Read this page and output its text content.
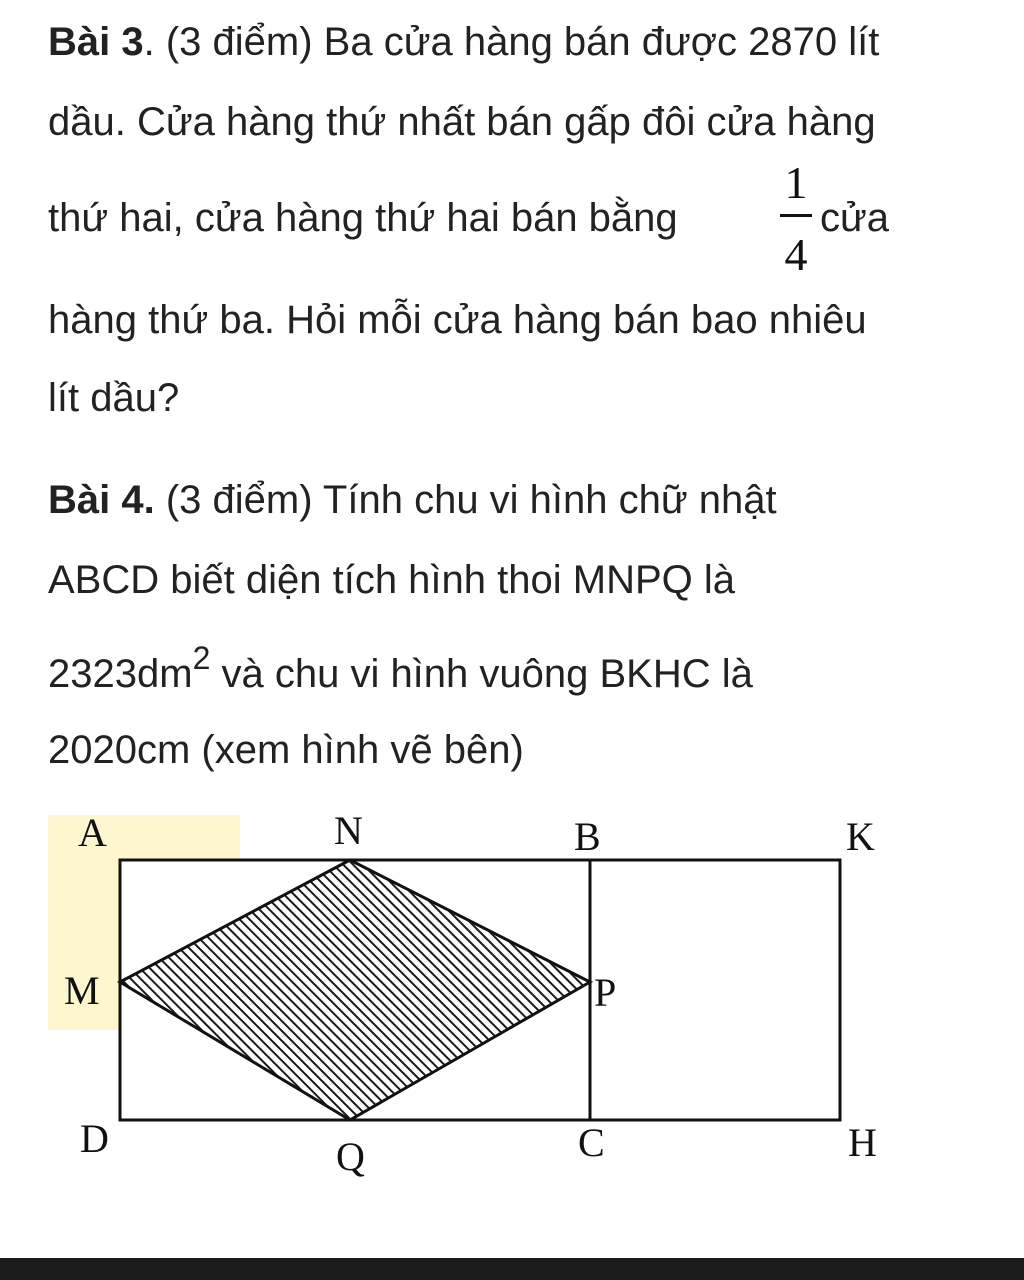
Bài 3. (3 điểm) Ba cửa hàng bán được 2870 lít
dầu. Cửa hàng thứ nhất bán gấp đôi cửa hàng
thứ hai, cửa hàng thứ hai bán bằng
1
4
cửa
hàng thứ ba. Hỏi mỗi cửa hàng bán bao nhiêu
lít dầu?
Bài 4. (3 điểm) Tính chu vi hình chữ nhật
ABCD biết diện tích hình thoi MNPQ là
$2323dm^2$ và chu vi hình vuông BKHC là
2020cm (xem hình vẽ bên)
A	N	B	K
M	P
D	Q	C	H
